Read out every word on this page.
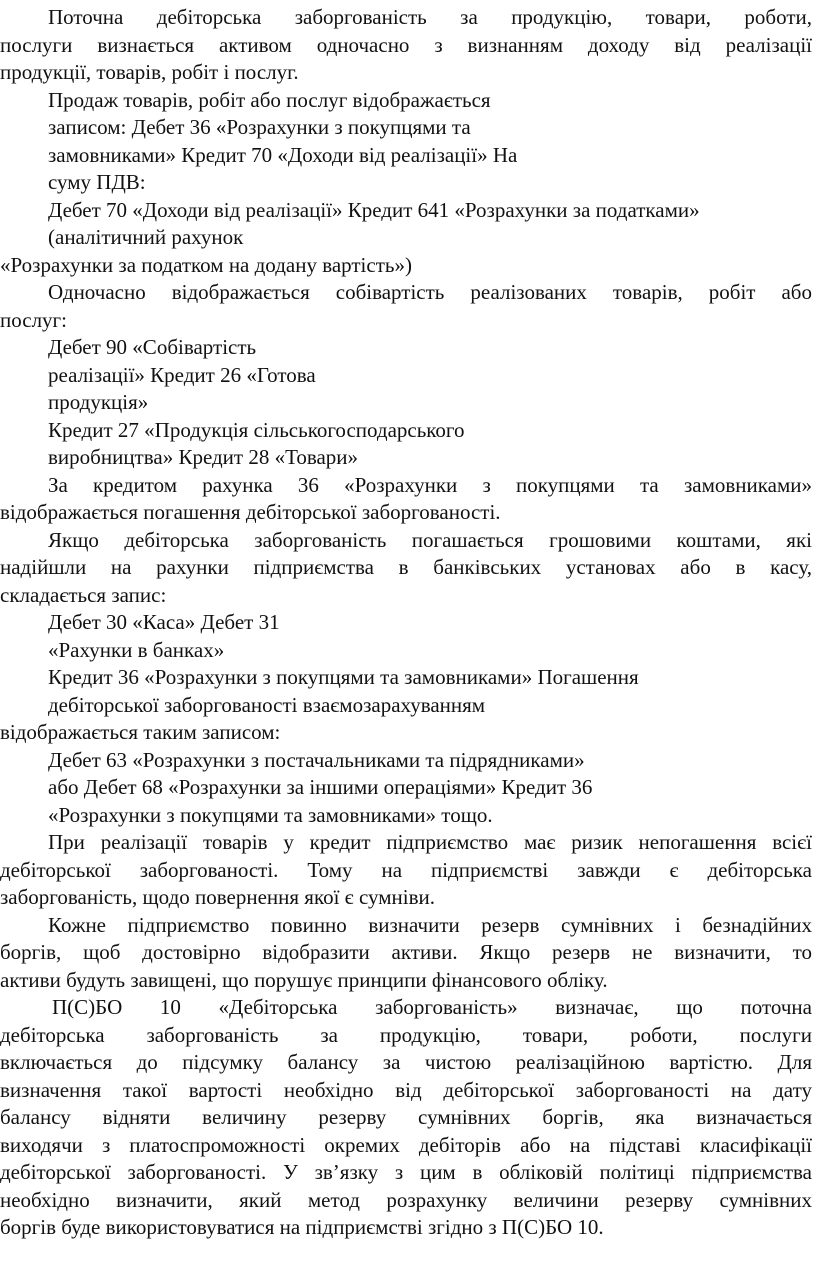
Поточна дебіторська заборгованість за продукцію, товари, роботи,
послуги визнається активом одночасно з визнанням доходу від реалізації
продукції, товарів, робіт і послуг.
Продаж товарів, робіт або послуг відображається
записом: Дебет 36 «Розрахунки з покупцями та
замовниками» Кредит 70 «Доходи від реалізації» На
суму ПДВ:
Дебет 70 «Доходи від реалізації» Кредит 641 «Розрахунки за податками»
(аналітичний рахунок
«Розрахунки за податком на додану вартість»)
Одночасно відображається собівартість реалізованих товарів, робіт або
послуг:
Дебет 90 «Собівартість
реалізації» Кредит 26 «Готова
продукція»
Кредит 27 «Продукція сільськогосподарського
виробництва» Кредит 28 «Товари»
За кредитом рахунка 36 «Розрахунки з покупцями та замовниками»
відображається погашення дебіторської заборгованості.
Якщо дебіторська заборгованість погашається грошовими коштами, які
надійшли на рахунки підприємства в банківських установах або в касу,
складається запис:
Дебет 30 «Каса» Дебет 31
«Рахунки в банках»
Кредит 36 «Розрахунки з покупцями та замовниками» Погашення
дебіторської заборгованості взаємозарахуванням
відображається таким записом:
Дебет 63 «Розрахунки з постачальниками та підрядниками»
або Дебет 68 «Розрахунки за іншими операціями» Кредит 36
«Розрахунки з покупцями та замовниками» тощо.
При реалізації товарів у кредит підприємство має ризик непогашення всієї
дебіторської заборгованості. Тому на підприємстві завжди є дебіторська
заборгованість, щодо повернення якої є сумніви.
Кожне підприємство повинно визначити резерв сумнівних і безнадійних
боргів, щоб достовірно відобразити активи. Якщо резерв не визначити, то
активи будуть завищені, що порушує принципи фінансового обліку.
П(С)БО 10 «Дебіторська заборгованість» визначає, що поточна
дебіторська заборгованість за продукцію, товари, роботи, послуги
включається до підсумку балансу за чистою реалізаційною вартістю. Для
визначення такої вартості необхідно від дебіторської заборгованості на дату
балансу відняти величину резерву сумнівних боргів, яка визначається
виходячи з платоспроможності окремих дебіторів або на підставі класифікації
дебіторської заборгованості. У зв’язку з цим в обліковій політиці підприємства
необхідно визначити, який метод розрахунку величини резерву сумнівних
боргів буде використовуватися на підприємстві згідно з П(С)БО 10.
